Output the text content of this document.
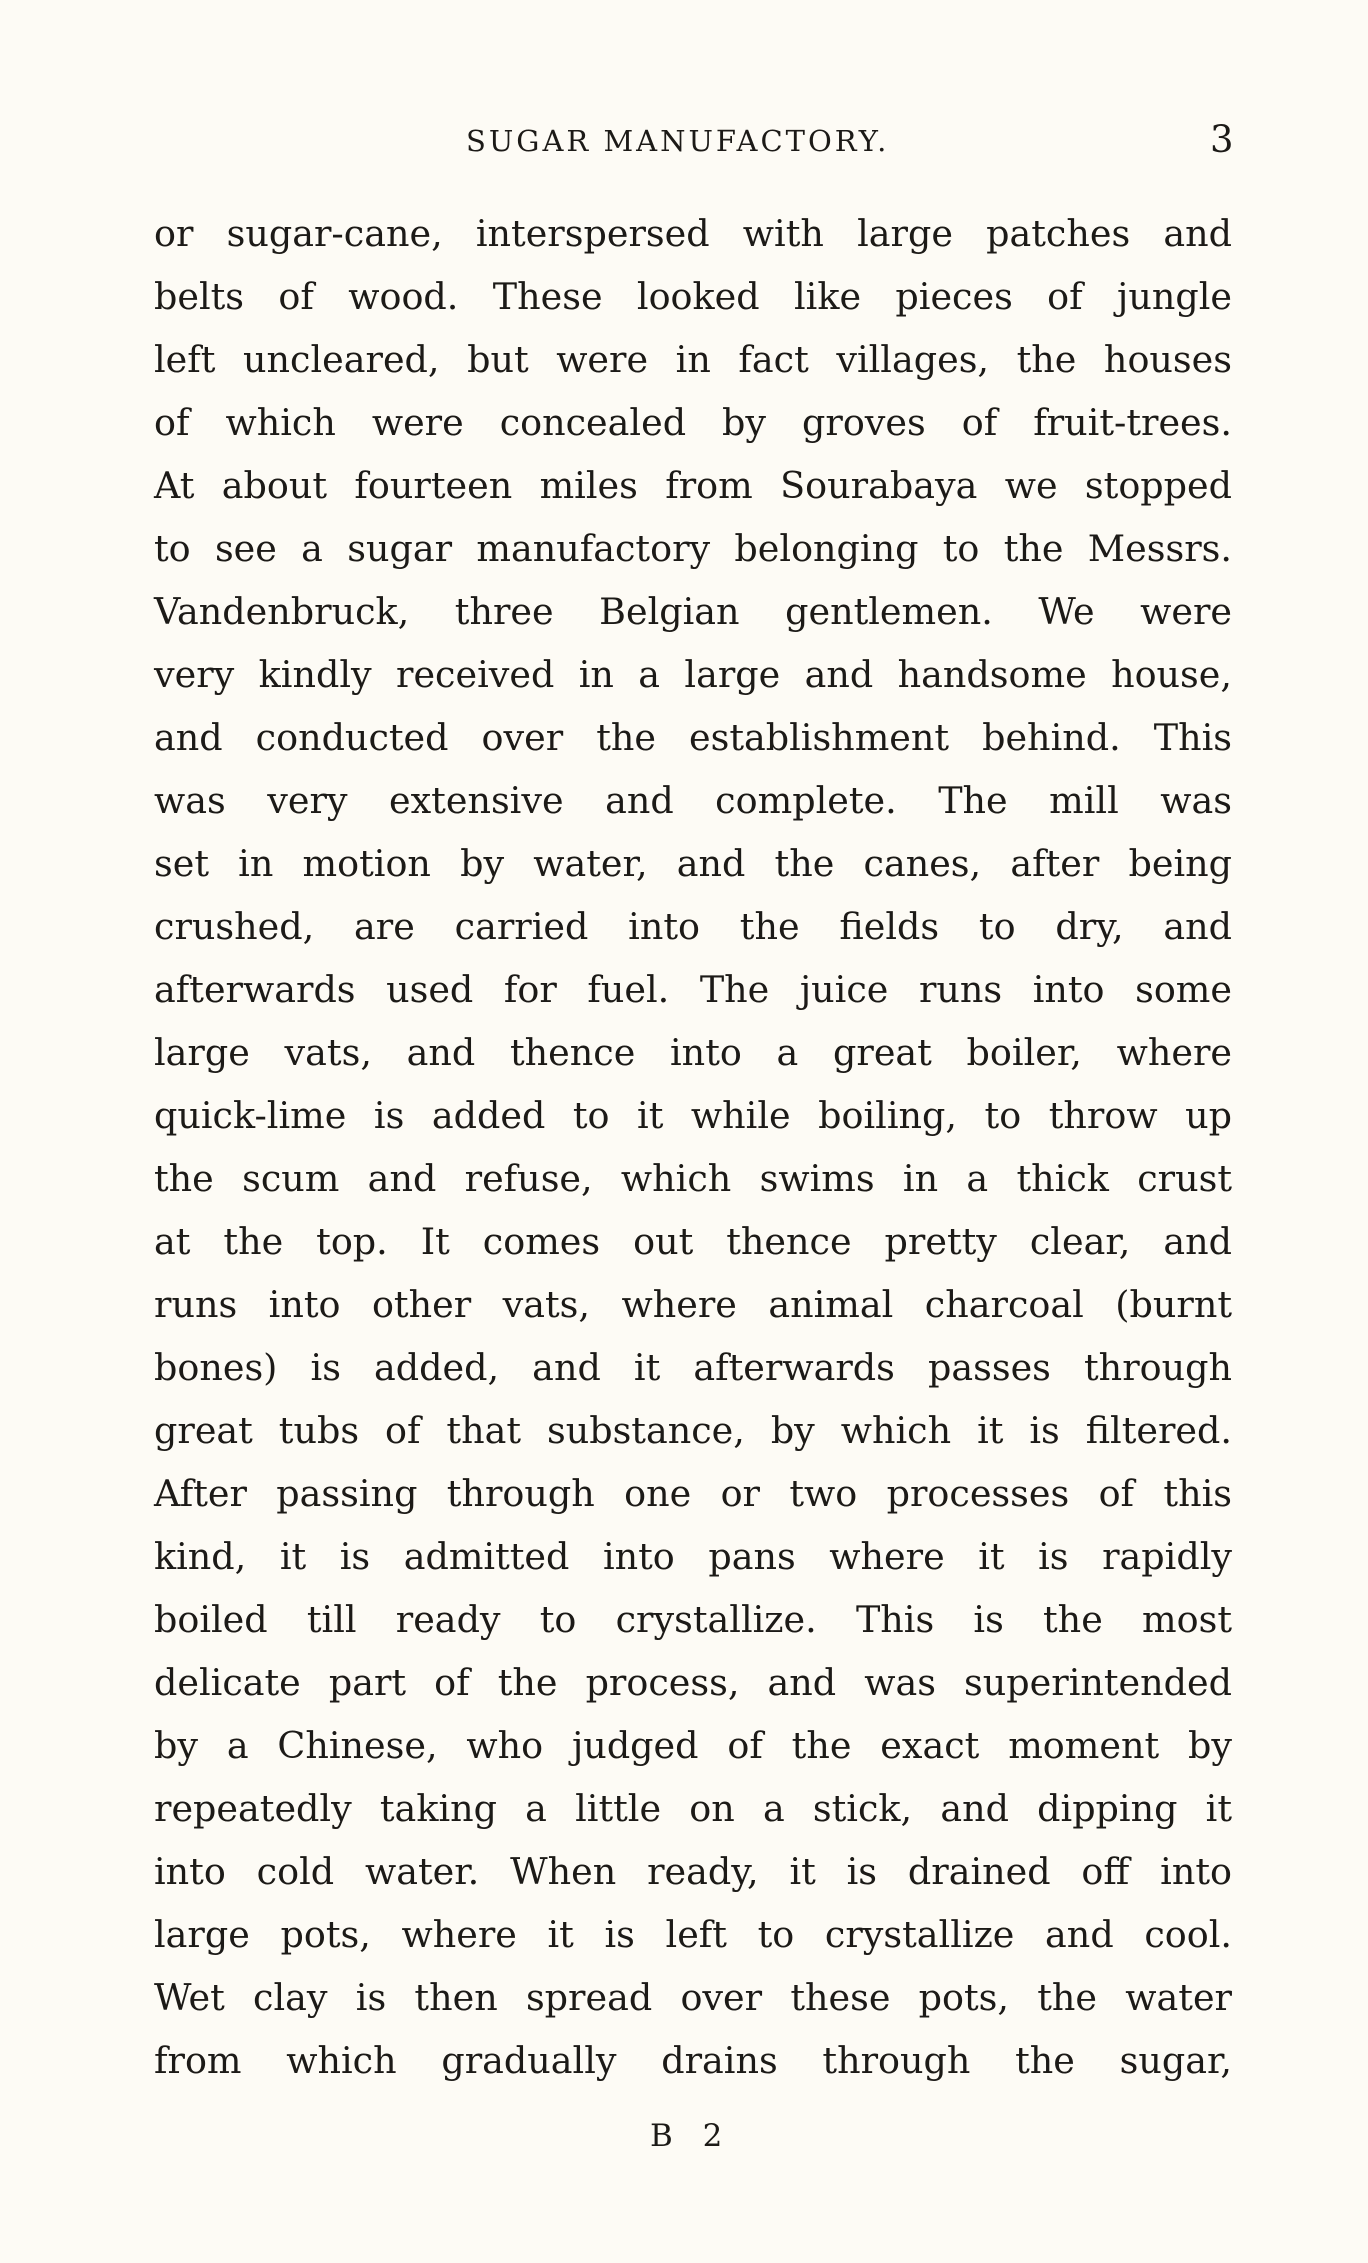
SUGAR MANUFACTORY.	3
or sugar-cane, interspersed with large patches and
belts of wood. These looked like pieces of jungle
left uncleared, but were in fact villages, the houses
of which were concealed by groves of fruit-trees.
At about fourteen miles from Sourabaya we stopped
to see a sugar manufactory belonging to the Messrs.
Vandenbruck, three Belgian gentlemen. We were
very kindly received in a large and handsome house,
and conducted over the establishment behind. This
was very extensive and complete. The mill was
set in motion by water, and the canes, after being
crushed, are carried into the fields to dry, and
afterwards used for fuel. The juice runs into some
large vats, and thence into a great boiler, where
quick-lime is added to it while boiling, to throw up
the scum and refuse, which swims in a thick crust
at the top. It comes out thence pretty clear, and
runs into other vats, where animal charcoal (burnt
bones) is added, and it afterwards passes through
great tubs of that substance, by which it is filtered.
After passing through one or two processes of this
kind, it is admitted into pans where it is rapidly
boiled till ready to crystallize. This is the most
delicate part of the process, and was superintended
by a Chinese, who judged of the exact moment by
repeatedly taking a little on a stick, and dipping it
into cold water. When ready, it is drained off into
large pots, where it is left to crystallize and cool.
Wet clay is then spread over these pots, the water
from which gradually drains through the sugar,
B 2
